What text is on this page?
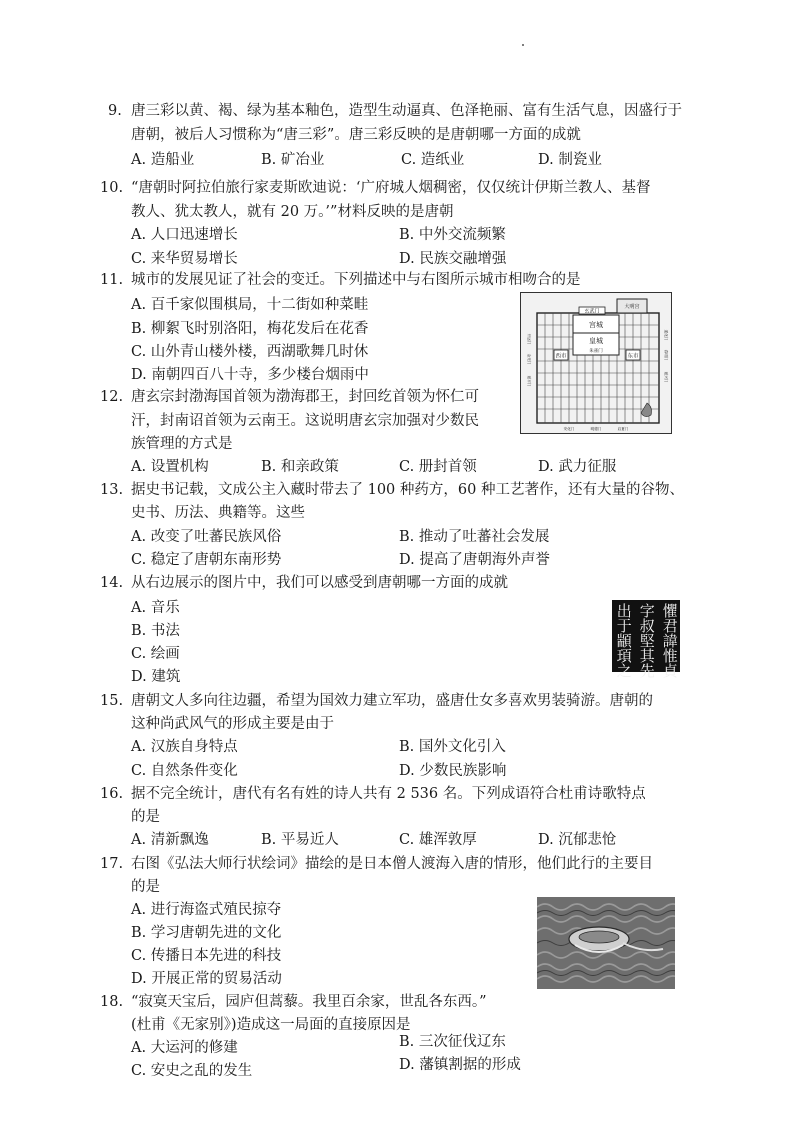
9. 唐三彩以黄、褐、绿为基本釉色，造型生动逼真、色泽艳丽、富有生活气息，因盛行于
唐朝，被后人习惯称为“唐三彩”。唐三彩反映的是唐朝哪一方面的成就
A. 造船业	B. 矿冶业	C. 造纸业	D. 制瓷业
10. “唐朝时阿拉伯旅行家麦斯欧迪说：‘广府城人烟稠密，仅仅统计伊斯兰教人、基督
教人、犹太教人，就有 20 万。’”材料反映的是唐朝
A. 人口迅速增长	B. 中外交流频繁
C. 来华贸易增长	D. 民族交融增强
11. 城市的发展见证了社会的变迁。下列描述中与右图所示城市相吻合的是
A. 百千家似围棋局，十二街如种菜畦
B. 柳絮飞时别洛阳，梅花发后在花香
C. 山外青山楼外楼，西湖歌舞几时休
D. 南朝四百八十寺，多少楼台烟雨中
大明宫
玄武门
宫城
皇城
朱雀门
西市	东市
开远门
金光门
延平门
通化门
春明门
延兴门
安化门	明德门	启夏门
12. 唐玄宗封渤海国首领为渤海郡王，封回纥首领为怀仁可
汗，封南诏首领为云南王。这说明唐玄宗加强对少数民
族管理的方式是
A. 设置机构	B. 和亲政策	C. 册封首领	D. 武力征服
13. 据史书记载，文成公主入藏时带去了 100 种药方，60 种工艺著作，还有大量的谷物、
史书、历法、典籍等。这些
A. 改变了吐蕃民族风俗	B. 推动了吐蕃社会发展
C. 稳定了唐朝东南形势	D. 提高了唐朝海外声誉
14. 从右边展示的图片中，我们可以感受到唐朝哪一方面的成就
A. 音乐
B. 书法
C. 绘画
D. 建筑	懼君諱惟貞
字叔堅其先
出于顓頊之
15. 唐朝文人多向往边疆，希望为国效力建立军功，盛唐仕女多喜欢男装骑游。唐朝的
这种尚武风气的形成主要是由于
A. 汉族自身特点	B. 国外文化引入
C. 自然条件变化	D. 少数民族影响
16. 据不完全统计，唐代有名有姓的诗人共有 2 536 名。下列成语符合杜甫诗歌特点
的是
A. 清新飘逸	B. 平易近人	C. 雄浑敦厚	D. 沉郁悲怆
17. 右图《弘法大师行状绘词》描绘的是日本僧人渡海入唐的情形，他们此行的主要目
的是
A. 进行海盗式殖民掠夺
B. 学习唐朝先进的文化
C. 传播日本先进的科技
D. 开展正常的贸易活动
18. “寂寞天宝后，园庐但蒿藜。我里百余家，世乱各东西。”
(杜甫《无家别》)造成这一局面的直接原因是
A. 大运河的修建	B. 三次征伐辽东
C. 安史之乱的发生	D. 藩镇割据的形成
